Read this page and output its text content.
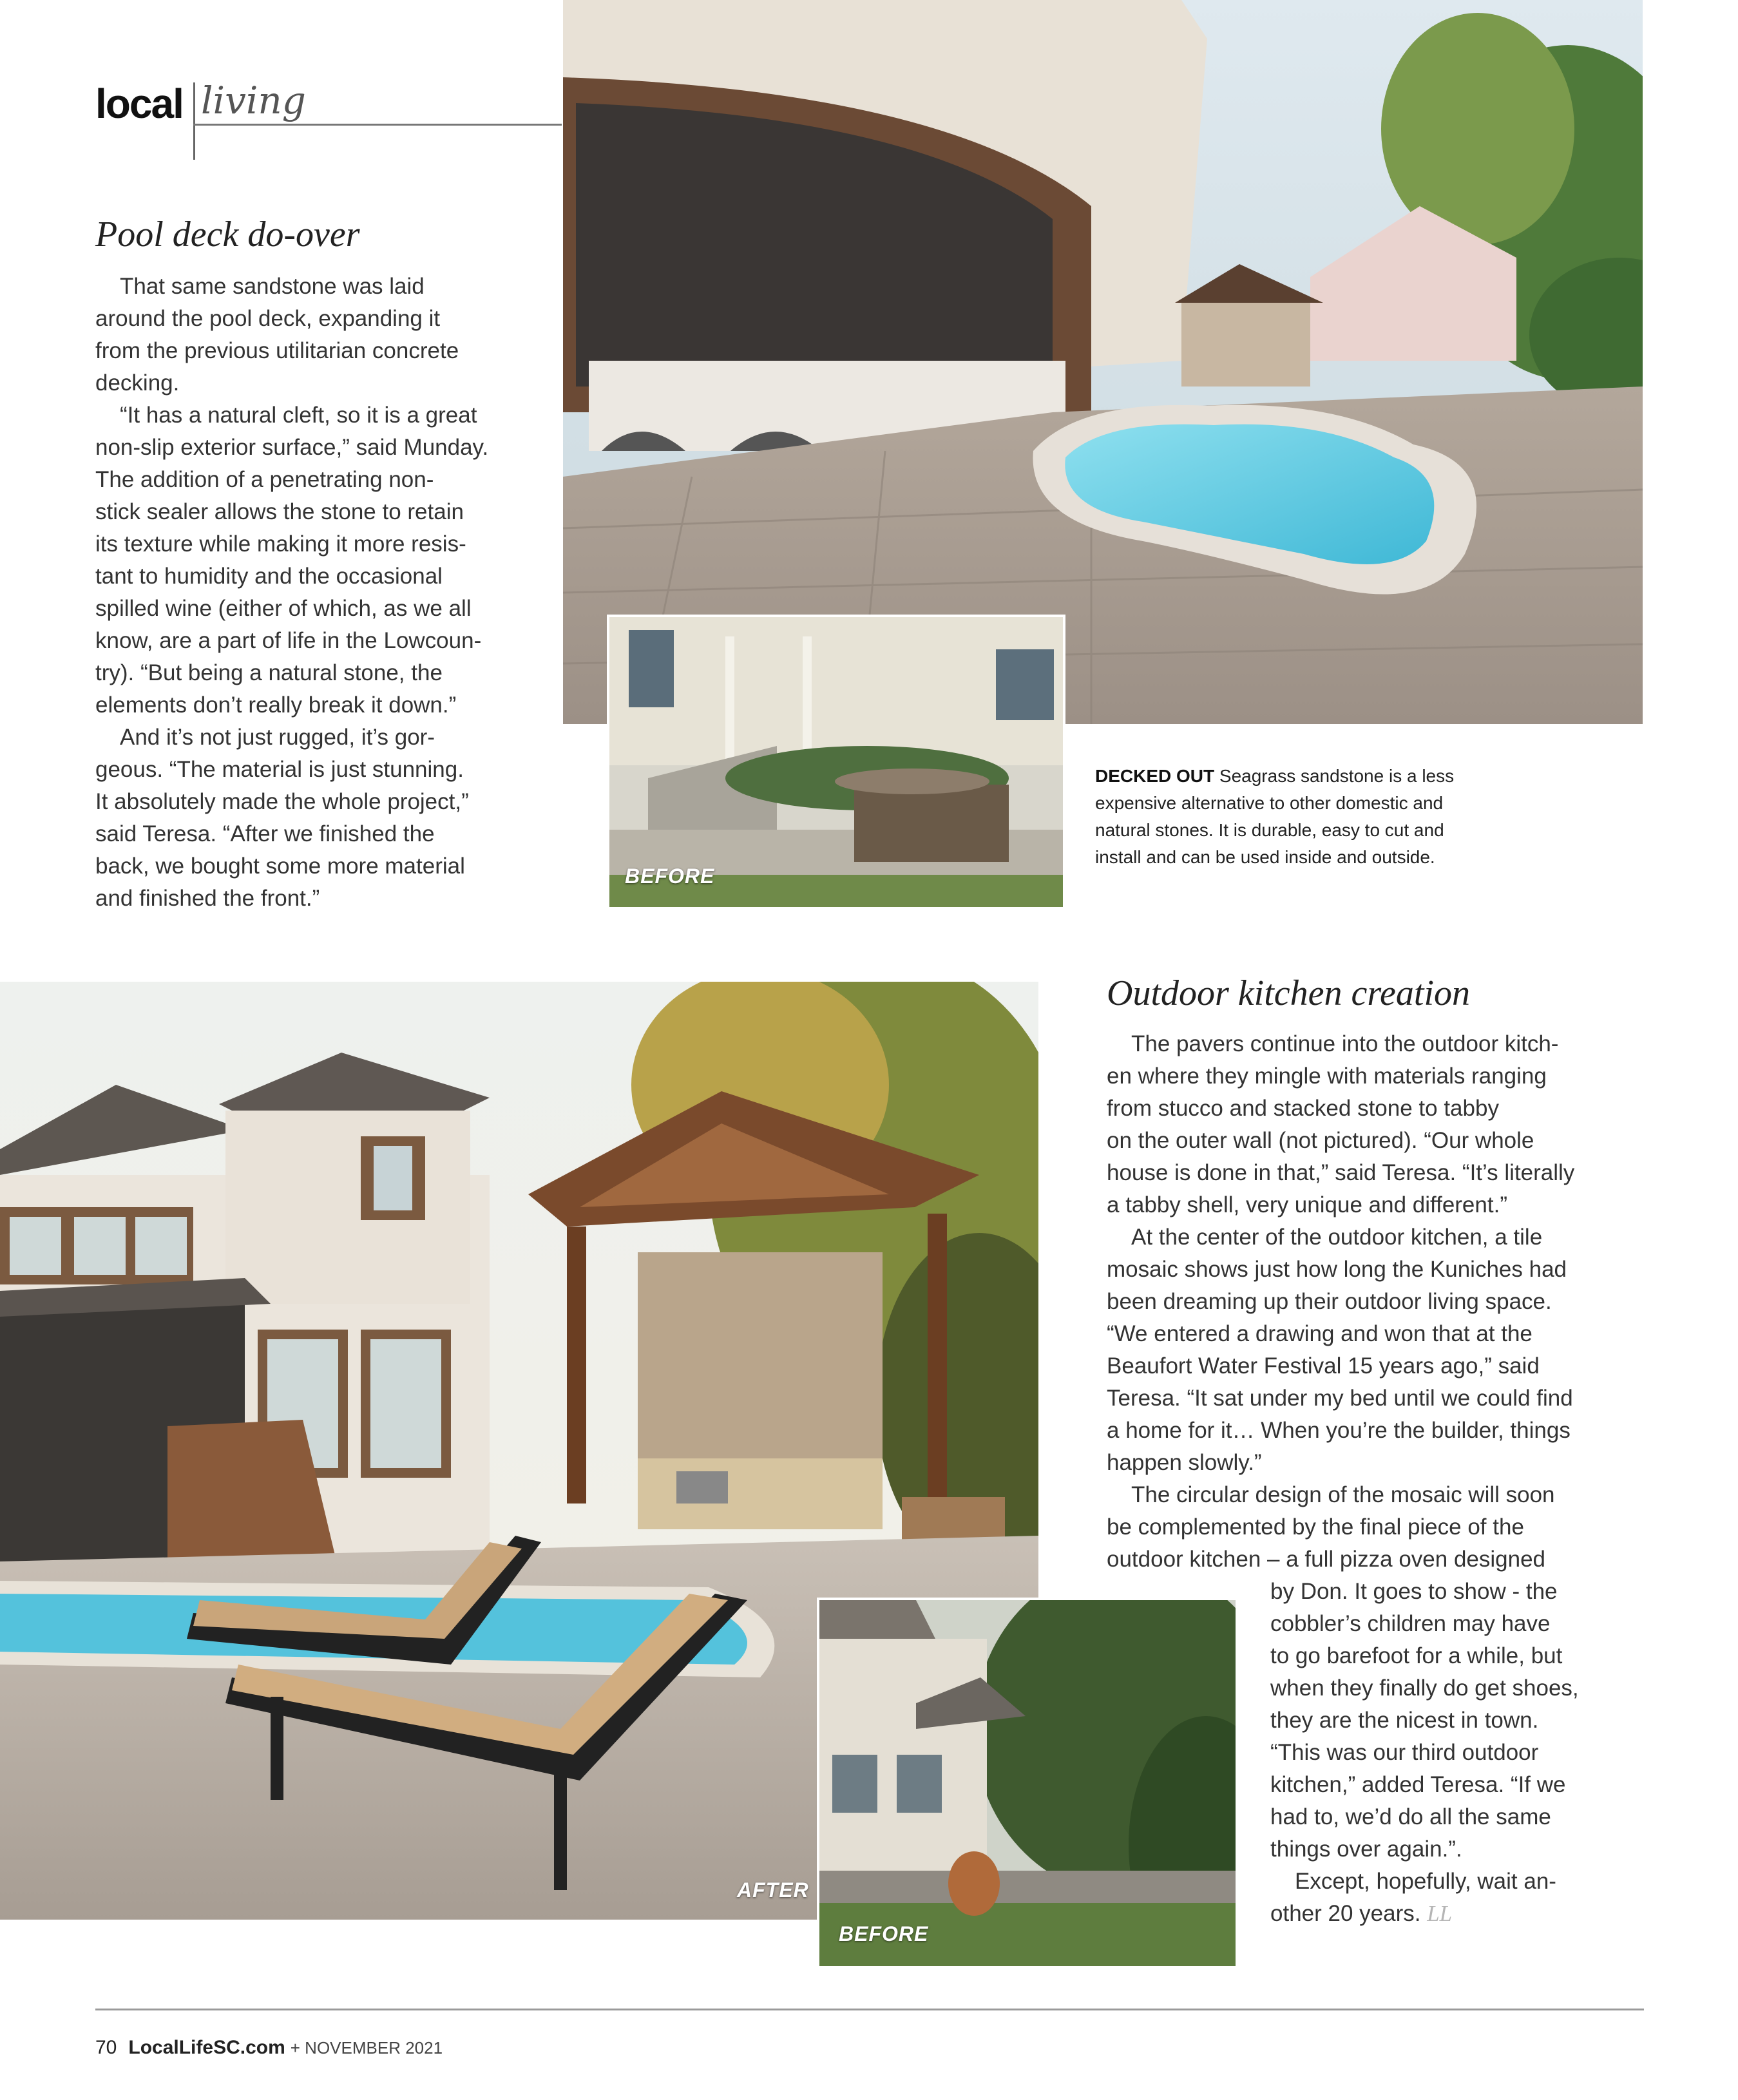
local living
Pool deck do-over
That same sandstone was laid
around the pool deck, expanding it
from the previous utilitarian concrete
decking.
“It has a natural cleft, so it is a great
non-slip exterior surface,” said Munday.
The addition of a penetrating non-
stick sealer allows the stone to retain
its texture while making it more resis-
tant to humidity and the occasional
spilled wine (either of which, as we all
know, are a part of life in the Lowcoun-
try). “But being a natural stone, the
elements don’t really break it down.”
And it’s not just rugged, it’s gor-
geous. “The material is just stunning.
It absolutely made the whole project,”
said Teresa. “After we finished the
back, we bought some more material
and finished the front.”
BEFORE
DECKED OUT Seagrass sandstone is a less
expensive alternative to other domestic and
natural stones. It is durable, easy to cut and
install and can be used inside and outside.
AFTER
BEFORE
Outdoor kitchen creation
The pavers continue into the outdoor kitch-
en where they mingle with materials ranging
from stucco and stacked stone to tabby
on the outer wall (not pictured). “Our whole
house is done in that,” said Teresa. “It’s literally
a tabby shell, very unique and different.”
At the center of the outdoor kitchen, a tile
mosaic shows just how long the Kuniches had
been dreaming up their outdoor living space.
“We entered a drawing and won that at the
Beaufort Water Festival 15 years ago,” said
Teresa. “It sat under my bed until we could find
a home for it… When you’re the builder, things
happen slowly.”
The circular design of the mosaic will soon
be complemented by the final piece of the
outdoor kitchen – a full pizza oven designed
by Don. It goes to show - the
cobbler’s children may have
to go barefoot for a while, but
when they finally do get shoes,
they are the nicest in town.
“This was our third outdoor
kitchen,” added Teresa. “If we
had to, we’d do all the same
things over again.”.
Except, hopefully, wait an-
other 20 years. LL
70 LocalLifeSC.com + NOVEMBER 2021
